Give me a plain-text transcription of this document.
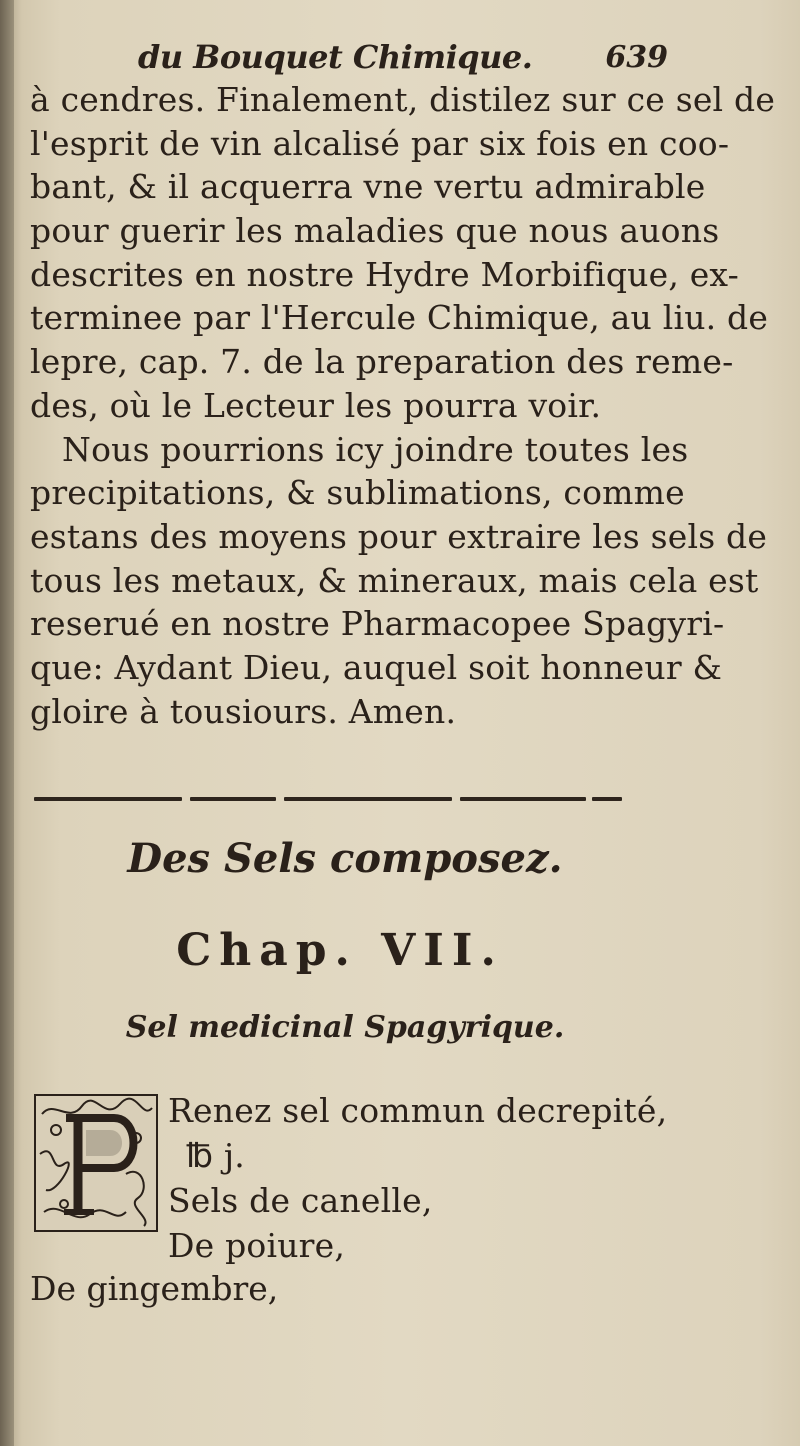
du Bouquet Chimique. 639
à cendres. Finalement, distilez sur ce sel de
l'esprit de vin alcalisé par six fois en coo-
bant, & il acquerra vne vertu admirable
pour guerir les maladies que nous auons
descrites en nostre Hydre Morbifique, ex-
terminee par l'Hercule Chimique, au liu. de
lepre, cap. 7. de la preparation des reme-
des, où le Lecteur les pourra voir.
Nous pourrions icy joindre toutes les
precipitations, & sublimations, comme
estans des moyens pour extraire les sels de
tous les metaux, & mineraux, mais cela est
reserué en nostre Pharmacopee Spagyri-
que: Aydant Dieu, auquel soit honneur &
gloire à tousiours. Amen.
Des Sels composez.
Chap. VII.
Sel medicinal Spagyrique.
Renez sel commun decrepité,
℔ j.
Sels de canelle,
De poiure,
De gingembre,
